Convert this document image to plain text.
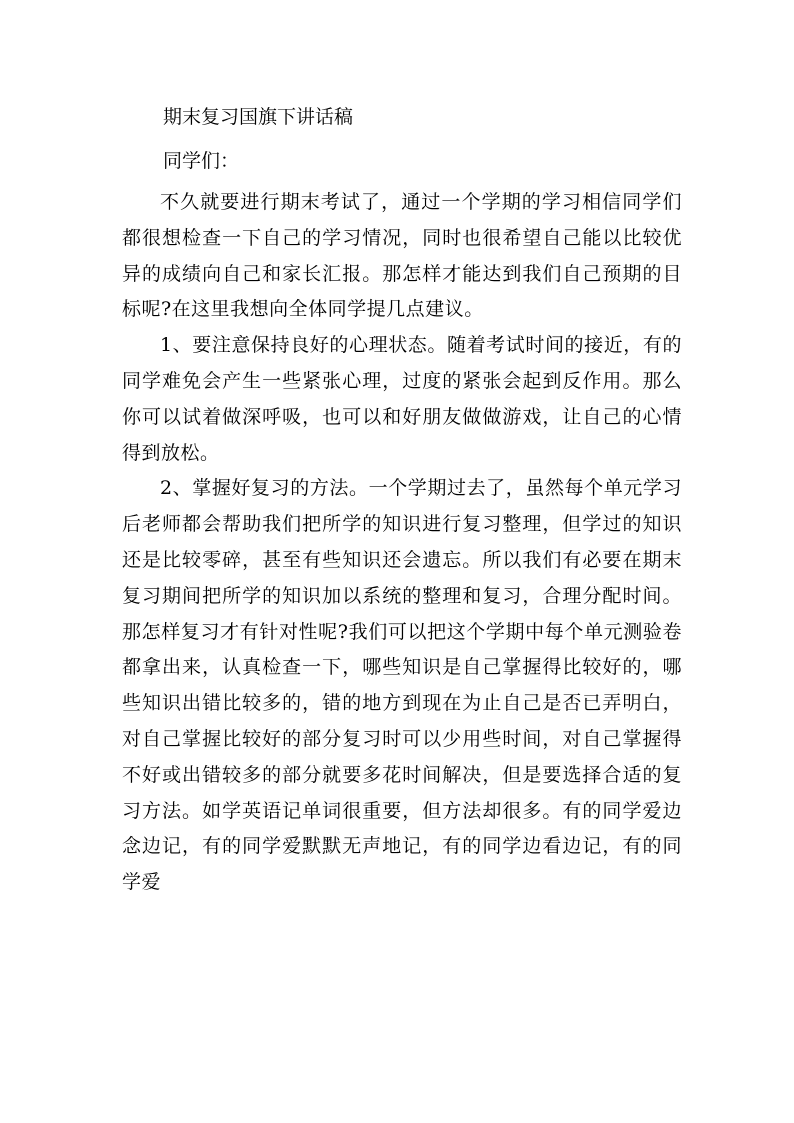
期末复习国旗下讲话稿
同学们：

不久就要进行期末考试了，通过一个学期的学习相信同学们都很想检查一下自己的学习情况，同时也很希望自己能以比较优异的成绩向自己和家长汇报。那怎样才能达到我们自己预期的目标呢?在这里我想向全体同学提几点建议。

1、要注意保持良好的心理状态。随着考试时间的接近，有的同学难免会产生一些紧张心理，过度的紧张会起到反作用。那么你可以试着做深呼吸，也可以和好朋友做做游戏，让自己的心情得到放松。

2、掌握好复习的方法。一个学期过去了，虽然每个单元学习后老师都会帮助我们把所学的知识进行复习整理，但学过的知识还是比较零碎，甚至有些知识还会遗忘。所以我们有必要在期末复习期间把所学的知识加以系统的整理和复习，合理分配时间。那怎样复习才有针对性呢?我们可以把这个学期中每个单元测验卷都拿出来，认真检查一下，哪些知识是自己掌握得比较好的，哪些知识出错比较多的，错的地方到现在为止自己是否已弄明白，对自己掌握比较好的部分复习时可以少用些时间，对自己掌握得不好或出错较多的部分就要多花时间解决，但是要选择合适的复习方法。如学英语记单词很重要，但方法却很多。有的同学爱边念边记，有的同学爱默默无声地记，有的同学边看边记，有的同学爱
